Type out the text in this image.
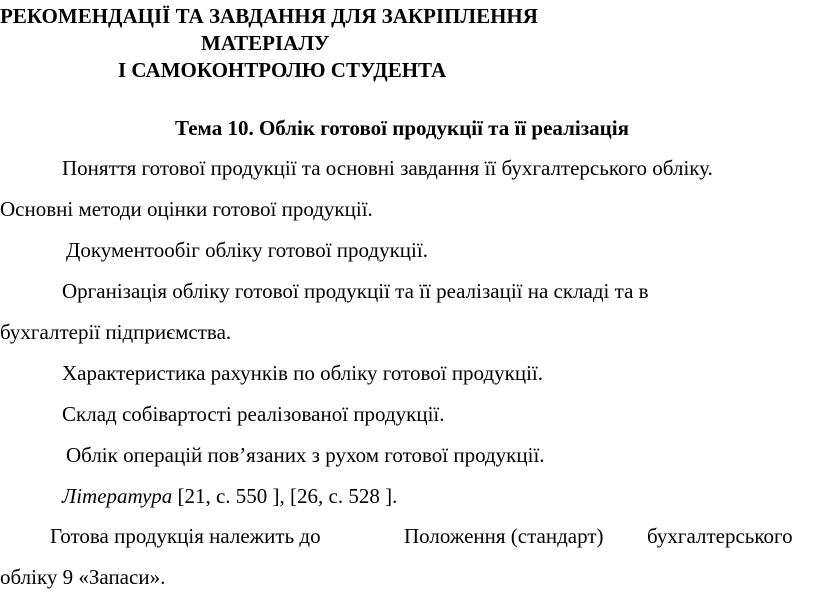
РЕКОМЕНДАЦІЇ ТА ЗАВДАННЯ ДЛЯ ЗАКРІПЛЕННЯ
МАТЕРІАЛУ
І САМОКОНТРОЛЮ СТУДЕНТА
Тема 10. Облік готової продукції та її реалізація
Поняття готової продукції та основні завдання її бухгалтерського обліку.
Основні методи оцінки готової продукції.
Документообіг обліку готової продукції.
Організація обліку готової продукції та її реалізації на складі та в
бухгалтерії підприємства.
Характеристика рахунків по обліку готової продукції.
Склад собівартості реалізованої продукції.
Облік операцій пов’язаних з рухом готової продукції.
Література [21, с. 550 ], [26, с. 528 ].
Готова продукція належить до	Положення (стандарт) бухгалтерського
обліку 9 «Запаси».
